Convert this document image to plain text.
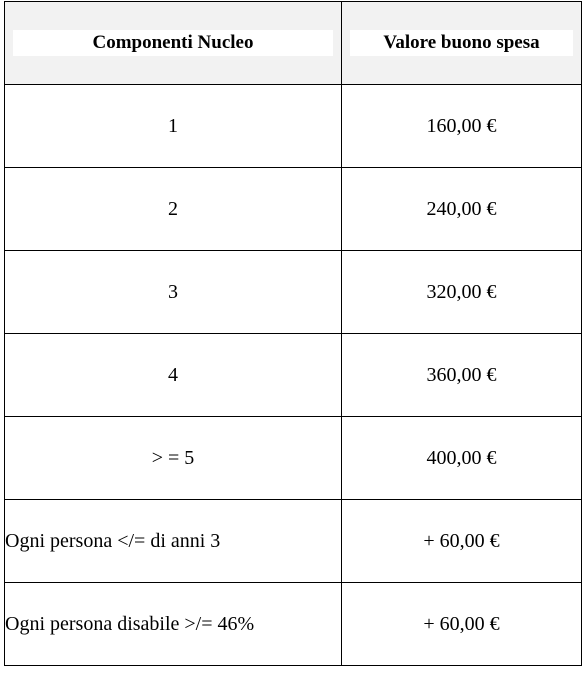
Componenti Nucleo	Valore buono spesa

1	160,00 €
2	240,00 €
3	320,00 €
4	360,00 €
> = 5	400,00 €
Ogni persona </= di anni 3	+ 60,00 €
Ogni persona disabile >/= 46%	+ 60,00 €
